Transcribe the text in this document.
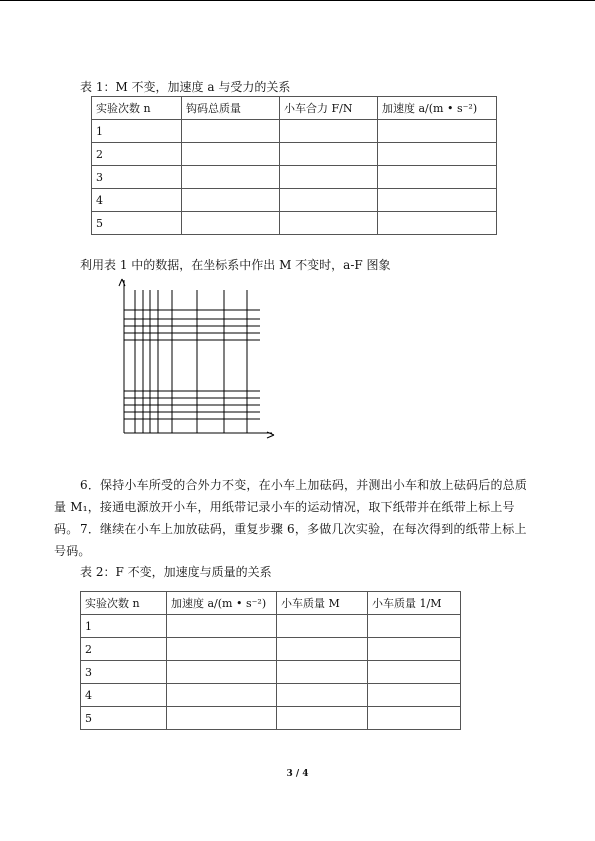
表 1：M 不变，加速度 a 与受力的关系
实验次数 n	钩码总质量	小车合力 F/N	加速度 a/(m • s⁻²)
1			
2			
3			
4			
5			
利用表 1 中的数据，在坐标系中作出 M 不变时，a-F 图象
6．保持小车所受的合外力不变，在小车上加砝码，并测出小车和放上砝码后的总质量 M₁，接通电源放开小车，用纸带记录小车的运动情况，取下纸带并在纸带上标上号码。 7．继续在小车上加放砝码，重复步骤 6，多做几次实验，在每次得到的纸带上标上号码。
表 2：F 不变，加速度与质量的关系
实验次数 n	加速度 a/(m • s⁻²)	小车质量 M	小车质量 1/M
1			
2			
3			
4			
5			
3 / 4
